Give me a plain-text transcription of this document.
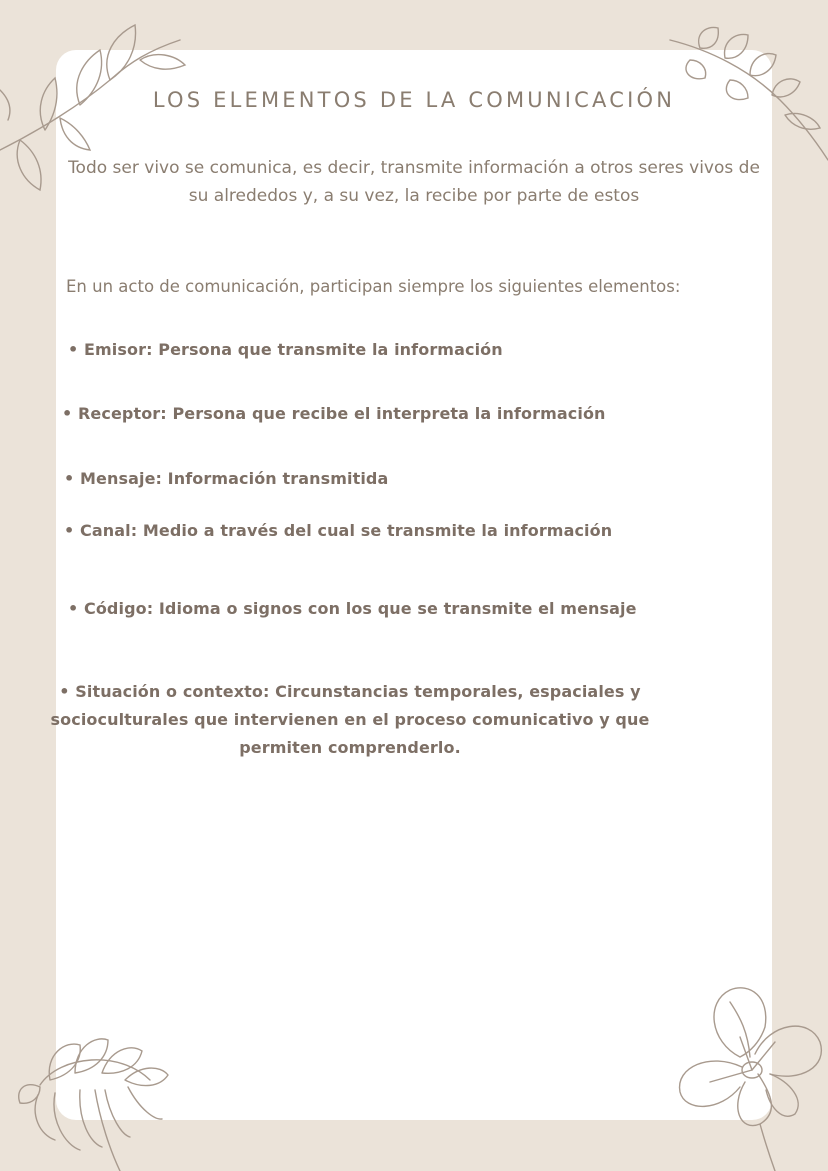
LOS ELEMENTOS DE LA COMUNICACIÓN

Todo ser vivo se comunica, es decir, transmite información a otros seres vivos de su alrededos y, a su vez, la recibe por parte de estos

En un acto de comunicación, participan siempre los siguientes elementos:

• Emisor: Persona que transmite la información

• Receptor: Persona que recibe el interpreta la información

• Mensaje: Información transmitida

• Canal: Medio a través del cual se transmite la información

• Código: Idioma o signos con los que se transmite el mensaje

• Situación o contexto: Circunstancias temporales, espaciales y socioculturales que intervienen en el proceso comunicativo y que permiten comprenderlo.
